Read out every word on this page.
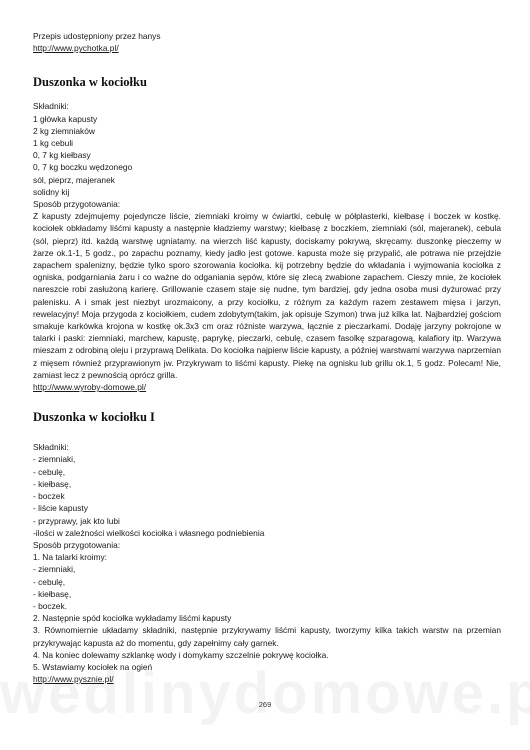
Przepis udostępniony przez hanys
http://www.pychotka.pl/
Duszonka w kociołku
Składniki:
1 główka kapusty
2 kg ziemniaków
1 kg cebuli
0, 7 kg kiełbasy
0, 7 kg boczku wędzonego
sól, pieprz, majeranek
solidny kij
Sposób przygotowania:
Z kapusty zdejmujemy pojedyncze liście, ziemniaki kroimy w ćwiartki, cebulę w półplasterki, kiełbasę i boczek w kostkę. kociołek obkładamy liśćmi kapusty a następnie kładziemy warstwy; kiełbasę z boczkiem, ziemniaki (sól, majeranek), cebula (sól, pieprz) itd. każdą warstwę ugniatamy. na wierzch liść kapusty, dociskamy pokrywą, skręcamy. duszonkę pieczemy w żarze ok.1-1, 5 godz., po zapachu poznamy, kiedy jadło jest gotowe. kapusta może się przypalić, ale potrawa nie przejdzie zapachem spalenizny, będzie tylko sporo szorowania kociołka. kij potrzebny będzie do wkładania i wyjmowania kociołka z ogniska, podgarniania żaru i co ważne do odganiania sępów, które się zlecą zwabione zapachem. Cieszy mnie, że kociołek nareszcie robi zasłużoną karierę. Grillowanie czasem staje się nudne, tym bardziej, gdy jedna osoba musi dyżurować przy palenisku. A i smak jest niezbyt urozmaicony, a przy kociołku, z różnym za każdym razem zestawem mięsa i jarzyn, rewelacyjny! Moja przygoda z kociołkiem, cudem zdobytym(takim, jak opisuje Szymon) trwa już kilka lat. Najbardziej gościom smakuje karkówka krojona w kostkę ok.3x3 cm oraz różniste warzywa, łącznie z pieczarkami. Dodaję jarzyny pokrojone w talarki i paski: ziemniaki, marchew, kapustę, paprykę, pieczarki, cebulę, czasem fasolkę szparagową, kalafiory itp. Warzywa mieszam z odrobiną oleju i przyprawą Delikata. Do kociołka najpierw liście kapusty, a później warstwami warzywa naprzemian z mięsem również przyprawionym jw. Przykrywam to liśćmi kapusty. Piekę na ognisku lub grillu ok.1, 5 godz. Polecam! Nie, zamiast lecz z pewnością oprócz grilla.
http://www.wyroby-domowe.pl/
Duszonka w kociołku I
Składniki:
- ziemniaki,
- cebulę,
- kiełbasę,
- boczek
- liście kapusty
- przyprawy, jak kto lubi
-ilości w zależności wielkości kociołka i własnego podniebienia
Sposób przygotowania:
1. Na talarki kroimy:
- ziemniaki,
- cebulę,
- kiełbasę,
- boczek.
2. Następnie spód kociołka wykładamy liśćmi kapusty
3. Równomiernie układamy składniki, następnie przykrywamy liśćmi kapusty, tworzymy kilka takich warstw na przemian przykrywając kapusta aż do momentu, gdy zapełnimy cały garnek.
4. Na koniec dolewamy szklankę wody i domykamy szczelnie pokrywę kociołka.
5. Wstawiamy kociołek na ogień
http://www.pysznie.pl/
269
